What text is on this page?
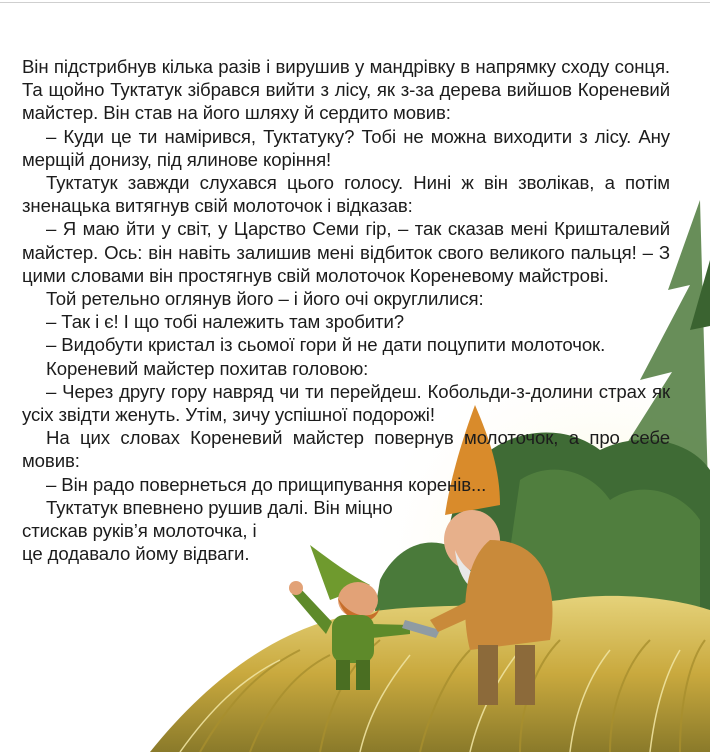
Він підстрибнув кілька разів і вирушив у мандрівку в напрямку сходу сонця. Та щойно Туктатук зібрався вийти з лісу, як з-за дерева вийшов Кореневий майстер. Він став на його шляху й сердито мовив:

– Куди це ти намірився, Туктатуку? Тобі не можна виходити з лісу. Ану мерщій донизу, під ялинове коріння!

Туктатук завжди слухався цього голосу. Нині ж він зволікав, а потім зненацька витягнув свій молоточок і відказав:

– Я маю йти у світ, у Царство Семи гір, – так сказав мені Кришталевий майстер. Ось: він навіть залишив мені відбиток свого великого пальця! – З цими словами він простягнув свій молоточок Кореневому майстрові.

Той ретельно оглянув його – і його очі округлилися:

– Так і є! І що тобі належить там зробити?

– Видобути кристал із сьомої гори й не дати поцупити молоточок.

Кореневий майстер похитав головою:

– Через другу гору навряд чи ти перейдеш. Кобольди-з-долини страх як усіх звідти женуть. Утім, зичу успішної подорожі!

На цих словах Кореневий майстер повернув молоточок, а про себе мовив:

– Він радо повернеться до прищипування коренів...

Туктатук впевнено рушив далі. Він міцно

стискав руків’я молоточка, і

це додавало йому відваги.
